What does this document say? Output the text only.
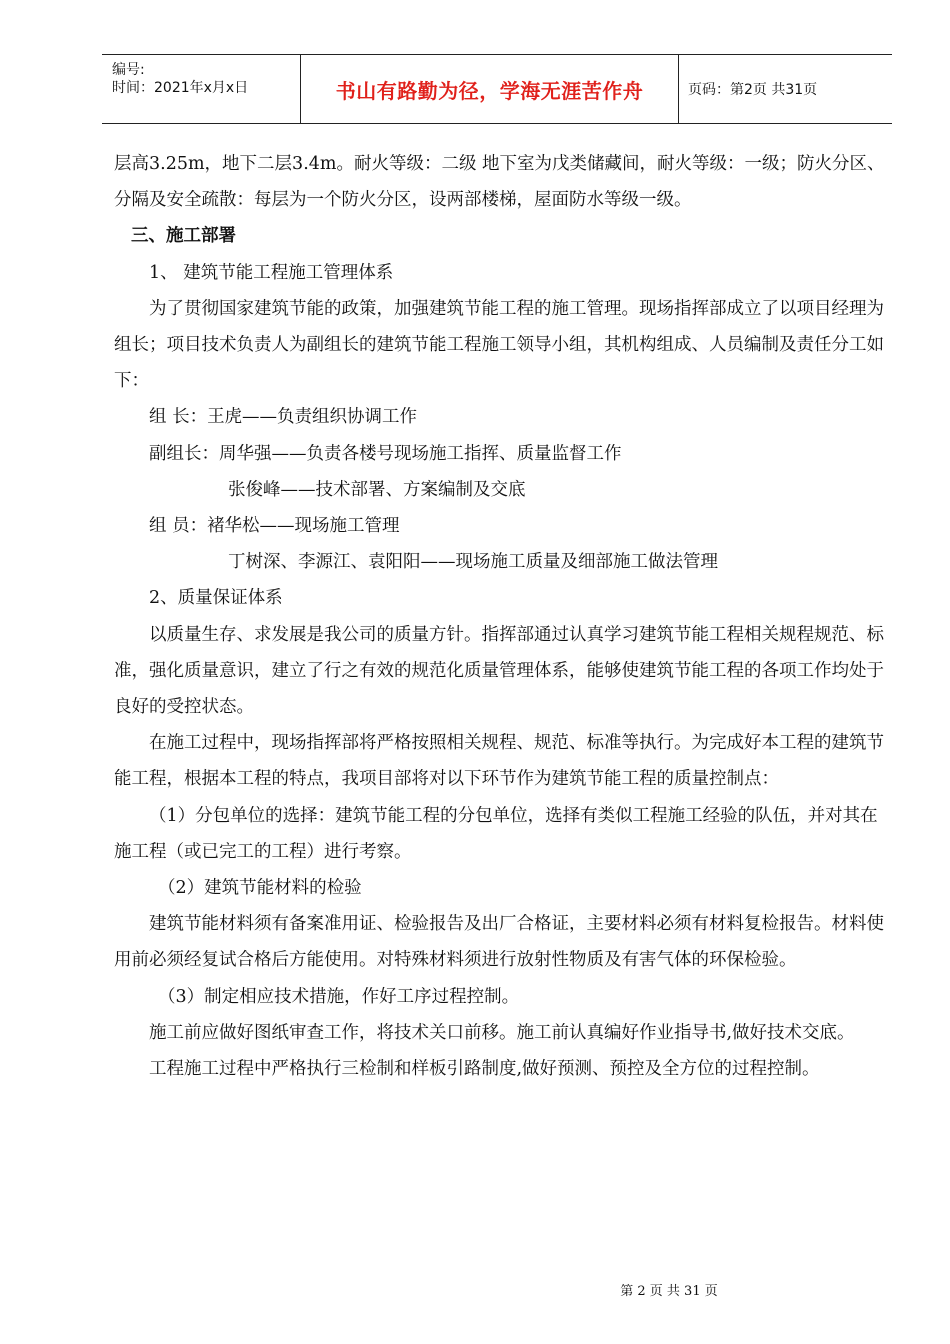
编号:
时间：2021年x月x日	书山有路勤为径，学海无涯苦作舟	页码：第2页 共31页

层高3.25m，地下二层3.4m。耐火等级：二级 地下室为戊类储藏间，耐火等级：一级；防火分区、分隔及安全疏散：每层为一个防火分区，设两部楼梯，屋面防水等级一级。

三、施工部署

1、 建筑节能工程施工管理体系

为了贯彻国家建筑节能的政策，加强建筑节能工程的施工管理。现场指挥部成立了以项目经理为组长；项目技术负责人为副组长的建筑节能工程施工领导小组，其机构组成、人员编制及责任分工如下：

组 长：王虎——负责组织协调工作

副组长：周华强——负责各楼号现场施工指挥、质量监督工作

张俊峰——技术部署、方案编制及交底

组 员：褚华松——现场施工管理

丁树深、李源江、袁阳阳——现场施工质量及细部施工做法管理

2、质量保证体系

以质量生存、求发展是我公司的质量方针。指挥部通过认真学习建筑节能工程相关规程规范、标准，强化质量意识，建立了行之有效的规范化质量管理体系，能够使建筑节能工程的各项工作均处于良好的受控状态。

在施工过程中，现场指挥部将严格按照相关规程、规范、标准等执行。为完成好本工程的建筑节能工程，根据本工程的特点，我项目部将对以下环节作为建筑节能工程的质量控制点：

（1）分包单位的选择：建筑节能工程的分包单位，选择有类似工程施工经验的队伍，并对其在施工程（或已完工的工程）进行考察。

（2）建筑节能材料的检验

建筑节能材料须有备案准用证、检验报告及出厂合格证，主要材料必须有材料复检报告。材料使用前必须经复试合格后方能使用。对特殊材料须进行放射性物质及有害气体的环保检验。

（3）制定相应技术措施，作好工序过程控制。

施工前应做好图纸审查工作，将技术关口前移。施工前认真编好作业指导书,做好技术交底。

工程施工过程中严格执行三检制和样板引路制度,做好预测、预控及全方位的过程控制。

第 2 页 共 31 页
